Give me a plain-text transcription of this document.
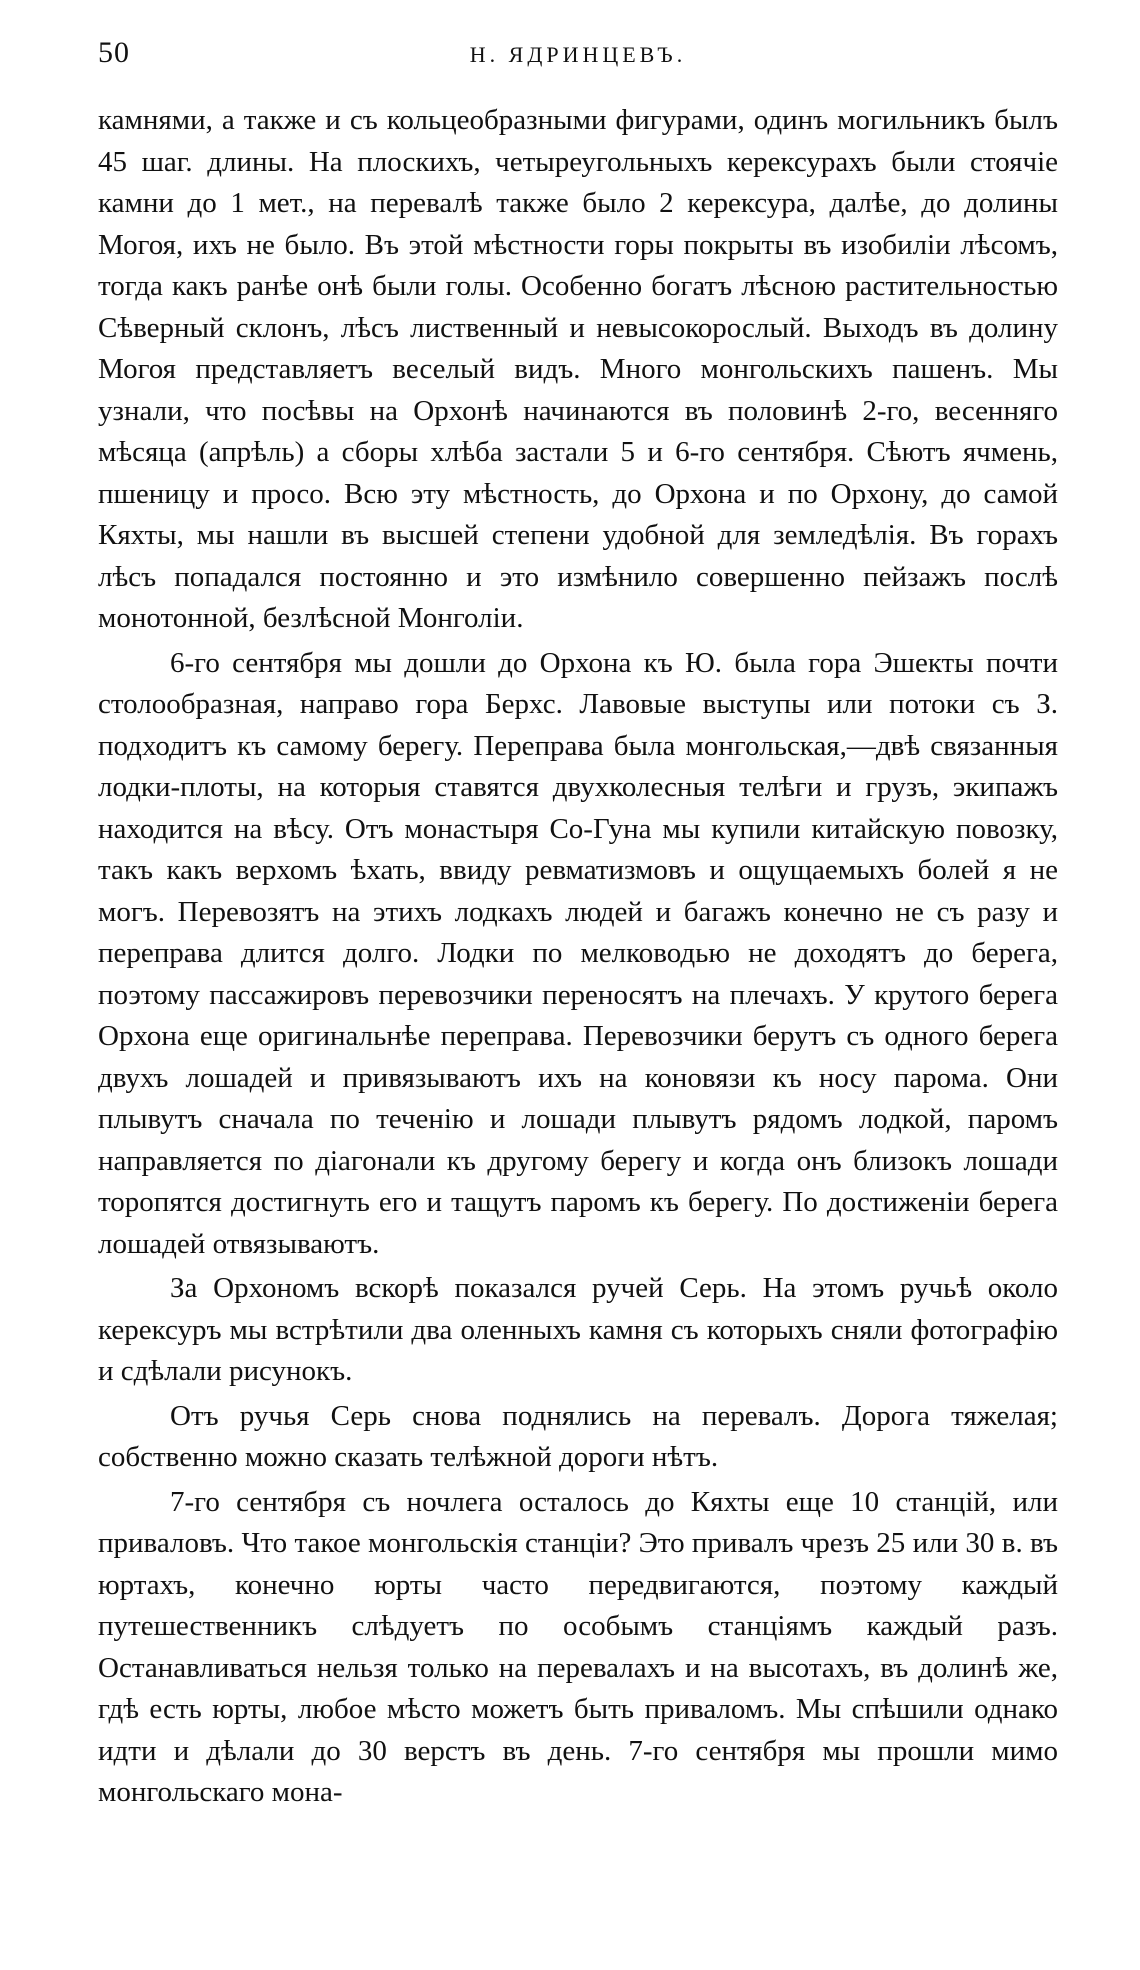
50	Н. ЯДРИНЦЕВЪ.

камнями, а также и съ кольцеобразными фигурами, одинъ могильникъ былъ 45 шаг. длины. На плоскихъ, четыреугольныхъ керексурахъ были стоячіе камни до 1 мет., на перевалѣ также было 2 керексура, далѣе, до долины Могоя, ихъ не было. Въ этой мѣстности горы покрыты въ изобиліи лѣсомъ, тогда какъ ранѣе онѣ были голы. Особенно богатъ лѣсною растительностью Сѣверный склонъ, лѣсъ лиственный и невысокорослый. Выходъ въ долину Могоя представляетъ веселый видъ. Много монгольскихъ пашенъ. Мы узнали, что посѣвы на Орхонѣ начинаются въ половинѣ 2-го, весенняго мѣсяца (апрѣль) а сборы хлѣба застали 5 и 6-го сентября. Сѣютъ ячмень, пшеницу и просо. Всю эту мѣстность, до Орхона и по Орхону, до самой Кяхты, мы нашли въ высшей степени удобной для земледѣлія. Въ горахъ лѣсъ попадался постоянно и это измѣнило совершенно пейзажъ послѣ монотонной, безлѣсной Монголіи.

6-го сентября мы дошли до Орхона къ Ю. была гора Эшекты почти столообразная, направо гора Берхс. Лавовые выступы или потоки съ З. подходитъ къ самому берегу. Переправа была монгольская,—двѣ связанныя лодки-плоты, на которыя ставятся двухколесныя телѣги и грузъ, экипажъ находится на вѣсу. Отъ монастыря Со-Гуна мы купили китайскую повозку, такъ какъ верхомъ ѣхать, ввиду ревматизмовъ и ощущаемыхъ болей я не могъ. Перевозятъ на этихъ лодкахъ людей и багажъ конечно не съ разу и переправа длится долго. Лодки по мелководью не доходятъ до берега, поэтому пассажировъ перевозчики переносятъ на плечахъ. У крутого берега Орхона еще оригинальнѣе переправа. Перевозчики берутъ съ одного берега двухъ лошадей и привязываютъ ихъ на коновязи къ носу парома. Они плывутъ сначала по теченію и лошади плывутъ рядомъ лодкой, паромъ направляется по діагонали къ другому берегу и когда онъ близокъ лошади торопятся достигнуть его и тащутъ паромъ къ берегу. По достиженіи берега лошадей отвязываютъ.

За Орхономъ вскорѣ показался ручей Серь. На этомъ ручьѣ около керексуръ мы встрѣтили два оленныхъ камня съ которыхъ сняли фотографію и сдѣлали рисунокъ.

Отъ ручья Серь снова поднялись на перевалъ. Дорога тяжелая; собственно можно сказать телѣжной дороги нѣтъ.

7-го сентября съ ночлега осталось до Кяхты еще 10 станцій, или приваловъ. Что такое монгольскія станціи? Это привалъ чрезъ 25 или 30 в. въ юртахъ, конечно юрты часто передвигаются, поэтому каждый путешественникъ слѣдуетъ по особымъ станціямъ каждый разъ. Останавливаться нельзя только на перевалахъ и на высотахъ, въ долинѣ же, гдѣ есть юрты, любое мѣсто можетъ быть приваломъ. Мы спѣшили однако идти и дѣлали до 30 верстъ въ день. 7-го сентября мы прошли мимо монгольскаго мона-
